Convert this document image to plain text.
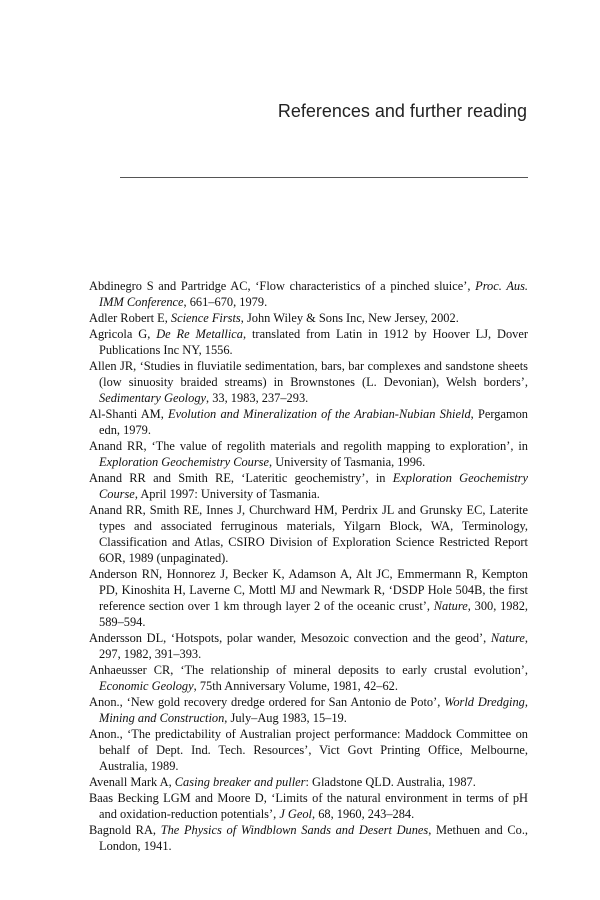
References and further reading
Abdinegro S and Partridge AC, ‘Flow characteristics of a pinched sluice’, Proc. Aus. IMM Conference, 661–670, 1979.
Adler Robert E, Science Firsts, John Wiley & Sons Inc, New Jersey, 2002.
Agricola G, De Re Metallica, translated from Latin in 1912 by Hoover LJ, Dover Publications Inc NY, 1556.
Allen JR, ‘Studies in fluviatile sedimentation, bars, bar complexes and sandstone sheets (low sinuosity braided streams) in Brownstones (L. Devonian), Welsh borders’, Sedimentary Geology, 33, 1983, 237–293.
Al-Shanti AM, Evolution and Mineralization of the Arabian-Nubian Shield, Pergamon edn, 1979.
Anand RR, ‘The value of regolith materials and regolith mapping to exploration’, in Exploration Geochemistry Course, University of Tasmania, 1996.
Anand RR and Smith RE, ‘Lateritic geochemistry’, in Exploration Geochemistry Course, April 1997: University of Tasmania.
Anand RR, Smith RE, Innes J, Churchward HM, Perdrix JL and Grunsky EC, Laterite types and associated ferruginous materials, Yilgarn Block, WA, Terminology, Classification and Atlas, CSIRO Division of Exploration Science Restricted Report 6OR, 1989 (unpaginated).
Anderson RN, Honnorez J, Becker K, Adamson A, Alt JC, Emmermann R, Kempton PD, Kinoshita H, Laverne C, Mottl MJ and Newmark R, ‘DSDP Hole 504B, the first reference section over 1 km through layer 2 of the oceanic crust’, Nature, 300, 1982, 589–594.
Andersson DL, ‘Hotspots, polar wander, Mesozoic convection and the geod’, Nature, 297, 1982, 391–393.
Anhaeusser CR, ‘The relationship of mineral deposits to early crustal evolution’, Economic Geology, 75th Anniversary Volume, 1981, 42–62.
Anon., ‘New gold recovery dredge ordered for San Antonio de Poto’, World Dredging, Mining and Construction, July–Aug 1983, 15–19.
Anon., ‘The predictability of Australian project performance: Maddock Committee on behalf of Dept. Ind. Tech. Resources’, Vict Govt Printing Office, Melbourne, Australia, 1989.
Avenall Mark A, Casing breaker and puller: Gladstone QLD. Australia, 1987.
Baas Becking LGM and Moore D, ‘Limits of the natural environment in terms of pH and oxidation-reduction potentials’, J Geol, 68, 1960, 243–284.
Bagnold RA, The Physics of Windblown Sands and Desert Dunes, Methuen and Co., London, 1941.
